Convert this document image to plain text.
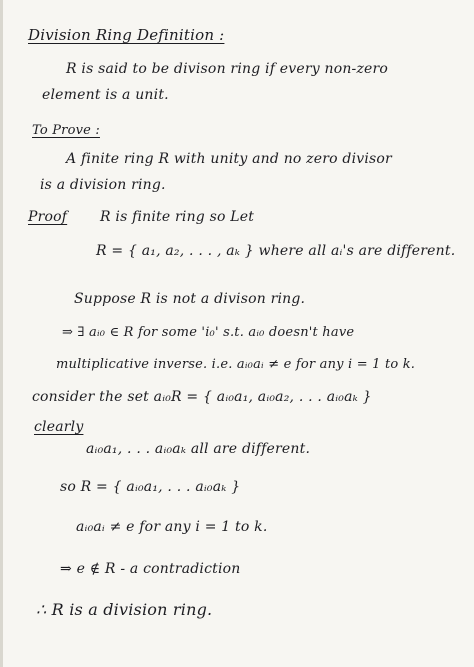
Division Ring Definition :
R is said to be divison ring if every non-zero
element is a unit.
To Prove :
A finite ring R with unity and no zero divisor
is a division ring.
Proof R is finite ring so Let
R = { a₁, a₂, . . . , aₖ } where all aᵢ's are different.
Suppose R is not a divison ring.
⇒ ∃ aᵢ₀ ∈ R for some 'i₀' s.t. aᵢ₀ doesn't have
multiplicative inverse. i.e. aᵢ₀aᵢ ≠ e for any i = 1 to k.
consider the set aᵢ₀R = { aᵢ₀a₁, aᵢ₀a₂, . . . aᵢ₀aₖ }
clearly
aᵢ₀a₁, . . . aᵢ₀aₖ all are different.
so R = { aᵢ₀a₁, . . . aᵢ₀aₖ }
aᵢ₀aᵢ ≠ e for any i = 1 to k.
⇒ e ∉ R - a contradiction
∴ R is a division ring.
